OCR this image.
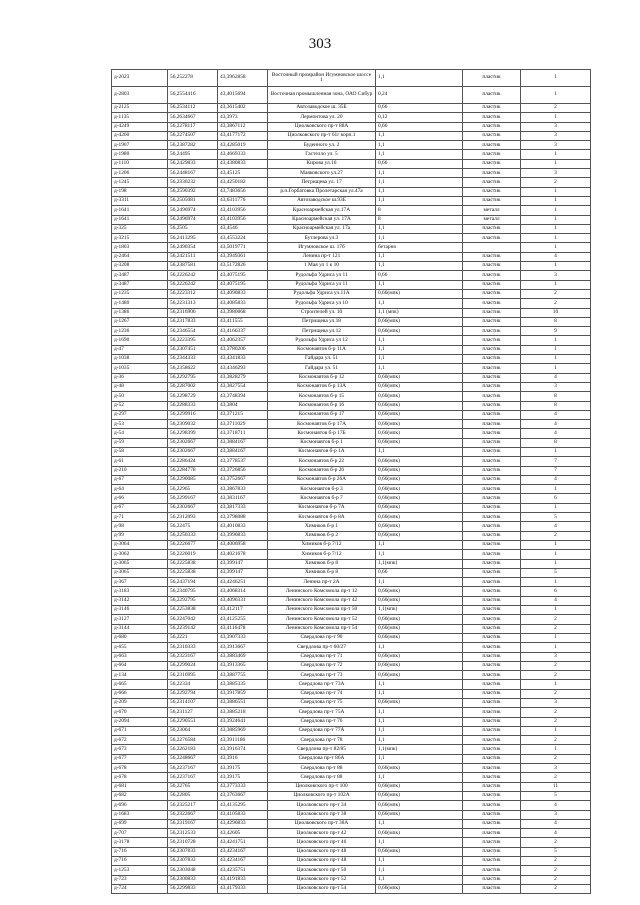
303
д-2023	56,252278	43,3962858	Восточный промрайон Игумновское шоссе 1	1,1	пластик	1
д-2803	56,2554416	43,4015694	Восточная промышленная зона, ОАО Сибур	0,24	пластик	1
д-2125	56,2534112	43,3615402	Автозаводское ш. 35Б	0,66	пластик	2
д-1135	56,2634667	43,3973	Лермонтова ул. 20	0,12	пластик	1
д-4249	56,2278117	43,3867112	Циолковского пр-т 88А	0,66	пластик	3
д-4260	56,2274507	43,4177172	Циолковского пр-т 61г корп.1	1,1	пластик	3
д-1907	56,2387282	43,4285019	Буденного ул. 2	1,1	пластик	3
д-1980	56,24495	43,4669333	Гастелло ул. 5	1,1	пластик	1
д-1110	56,2429833	43,4380833	Кирова ул.16	0,66	пластик	1
д-1206	56,2448167	43,45125	Маяковского ул.27	1,1	пластик	3
д-1245	56,2330232	43,4250182	Петрищева ул. 17	1,1	пластик	2
д-198	56,2590392	43,7483656	р.п.Горбатовка Пролетарская ул.47а	1,1	пластик	1
д-3311	56,2505081	43,6311776	Автозаводское ш.93Е	1,1	пластик	1
д-1641	56,2496974	43,4103956	Красноармейская ул.17А	8	металл	1
д-1641	56,2496974	43,4103956	Красноармейская ул. 17А	8	металл	1
д-325	56,2505	43,4546	Красноармейская ул. 17а	1,1	пластик	1
д-3215	56,2413295	43,4553224	Бутлерова ул.3	1,1	пластик	1
д-1803	56,2490354	43,5019771	Игумновское ш. 17б	бетарно		1
д-2464	56,2421511	43,3949361	Ленина пр-т 121	1,1	пластик	4
д-3208	56,2387581	43,5172826	1 Мая ул 1 к 10	1,1	пластик	1
д-3487	56,2226242	43,4075195	Рудольфа Удриса ул 11	0,66	пластик	3
д-3487	56,2226242	43,4075195	Рудольфа Удриса ул 11	1,1	пластик	1
д-1235	56,2223312	43,4090833	Рудольфа Удриса ул.11А	0,66(мпк)	пластик	2
д-1480	56,2231313	43,4085833	Рудольфа Удриса ул 10	1,1	пластик	2
д-1386	56,2316906	43,3980068	Строителей ул. 10	1,1 (мпк)	пластик	10
д-1267	56,2317833	43,411555	Петрищева ул.18	0,66(мпк)	пластик	8
д-1236	56,2346554	43,4166337	Петрищева ул.12	0,66(мпк)	пластик	9
д-1690	56,2223395	43,4062357	Рудольфа Удриса ул 12	1,1	пластик	1
д-47	56,2307451	43,3780206	Космонавтов б-р 11А	1,1	пластик	1
д-1038	56,2344333	43,4341833	Гайдара ул. 51	1,1	пластик	1
д-1035	56,2358622	43,4346293	Гайдара ул. 51	1,1	пластик	1
д-36	56,2292795	43,3828279	Космонавтов б-р 12	0,66(мпк)	пластик	4
д-48	56,2287002	43,3827554	Космонавтов б-р 13А	0,66(мпк)	пластик	3
д-50	56,2298729	43,3748394	Космонавтов б-р 15	0,66(мпк)	пластик	8
д-52	56,2288333	43,3804	Космонавтов б-р 16	0,66(мпк)	пластик	8
д-297	56,2299916	43,371215	Космонавтов б-р 17	0,66(мпк)	пластик	4
д-53	56,2309032	43,3711029	Космонавтов б-р 17А	0,66(мпк)	пластик	4
д-54	56,2298399	43,3718711	Космонавтов б-р 17Б	0,66(мпк)	пластик	4
д-59	56,2302667	43,3884167	Космонавтов б-р 1	0,66(мпк)	пластик	8
д-58	56,2302667	43,3884167	Космонавтов б-р 1А	1,1	пластик	1
д-61	56,2286424	43,3778537	Космонавтов б-р 22	0,66(мпк)	пластик	7
д-210	56,2284778	43,3726856	Космонавтов б-р 26	0,66(мпк)	пластик	7
д-67	56,2290085	43,3752667	Космонавтов б-р 26А	0,66(мпк)	пластик	4
д-64	56,22965	43,3867833	Космонавтов б-р 3	0,66(мпк)	пластик	1
д-66	56,2299167	43,3831167	Космонавтов б-р 7	0,66(мпк)	пластик	6
д-67	56,2302667	43,3817333	Космонавтов б-р 7А	0,66(мпк)	пластик	1
д-71	56,2312093	43,3798088	Космонавтов б-р 8А	0,66(мпк)	пластик	5
д-98	56,22475	43,4010833	Химиков б-р 1	0,66(мпк)	пластик	4
д-99	56,2250333	43,3990833	Химиков б-р 2	0,66(мпк)	пластик	2
д-3064	56,2226677	43,4006958	Химиков б-р 7/12	1,1	пластик	1
д-3062	56,2226019	43,4021678	Химиков б-р 7/12	1,1	пластик	1
д-3065	56,2225838	43,399147	Химиков б-р 8	1,1(мпк)	пластик	1
д-3065	56,2225838	43,399147	Химиков б-р 8	0,66	пластик	5
д-367	56,2437194	43,4246251	Ленина пр-т 2А	1,1	пластик	1
д-3183	56,2340795	43,4068314	Ленинского Комсомола пр-т 12	0,66(мпк)	пластик	6
д-3142	56,2292795	43,4096331	Ленинского Комсомола пр-т 42	0,66(мпк)	пластик	4
д-3146	56,2253838	43,412117	Ленинского Комсомола пр-т 50	1,1(мпк)	пластик	1
д-3127	56,2247042	43,4125255	Ленинского Комсомола пр-т 52	0,66(мпк)	пластик	2
д-3144	56,2239142	43,4116478	Ленинского Комсомола пр-т 54	0,66(мпк)	пластик	2
д-680	56,2221	43,3907333	Свердлова пр-т 90	0,66(мпк)	пластик	1
д-655	56,2310333	43,3913667	Свердлова пр-т 60/27	1,1	пластик	1
д-663	56,2323167	43,3883469	Свердлова пр-т 71	0,66(мпк)	пластик	3
д-664	56,2299024	43,3913365	Свердлова пр-т 72	0,66(мпк)	пластик	2
д-134	56,2316995	43,3887755	Свердлова пр-т 73	0,66(мпк)	пластик	2
д-665	56,22334	43,3885335	Свердлова пр-т 73А	1,1	пластик	1
д-666	56,2292794	43,3917859	Свердлова пр-т 74	1,1	пластик	2
д-209	56,2314107	43,3886551	Свердлова пр-т 75	0,66(мпк)	пластик	3
д-670	56,231127	43,3885218	Свердлова пр-т 75А	1,1	пластик	2
д-2094	56,2290551	43,3924641	Свердлова пр-т 76	1,1	пластик	2
д-671	56,23064	43,3885969	Свердлова пр-т 77А	1,1	пластик	1
д-672	56,2276584	43,3911186	Свердлова пр-т 78	1,1	пластик	2
д-673	56,2262183	43,3916374	Свердлова пр-т 82/85	1,1(мпк)	пластик	1
д-677	56,2248667	43,3916	Свердлова пр-т 86А	1,1	пластик	2
д-678	56,2237167	43,39175	Свердлова пр-т 88	0,66(мпк)	пластик	3
д-678	56,2237167	43,39175	Свердлова пр-т 88	1,1	пластик	2
д-681	56,22765	43,3773333	Циолковского пр-т 100	0,66(мпк)	пластик	11
д-682	56,22805	43,3763667	Циолковского пр-т 102А	0,66(мпк)	пластик	5
д-696	56,2325217	43,4135295	Циолковского пр-т 34	0,66(мпк)	пластик	4
д-1683	56,2322667	43,4105833	Циолковского пр-т 38	0,66(мпк)	пластик	3
д-699	56,2319167	43,4290833	Циолковского пр-т 38А	1,1	пластик	4
д-707	56,2312533	43,42605	Циолковского пр-т 42	0,66(мпк)	пластик	4
д-3178	56,2310728	43,4241751	Циолковского пр-т 46	1,1	пластик	2
д-716	56,2307833	43,4234167	Циолковского пр-т 48	0,66(мпк)	пластик	5
д-716	56,2307833	43,4234167	Циолковского пр-т 48	1,1	пластик	2
д-1253	56,2303048	43,4235751	Циолковского пр-т 50	1,1	пластик	2
д-723	56,2300833	43,4191833	Циолковского пр-т 52	1,1	пластик	2
д-724	56,2299833	43,4179333	Циолковского пр-т 54	0,66(мпк)	пластик	2
